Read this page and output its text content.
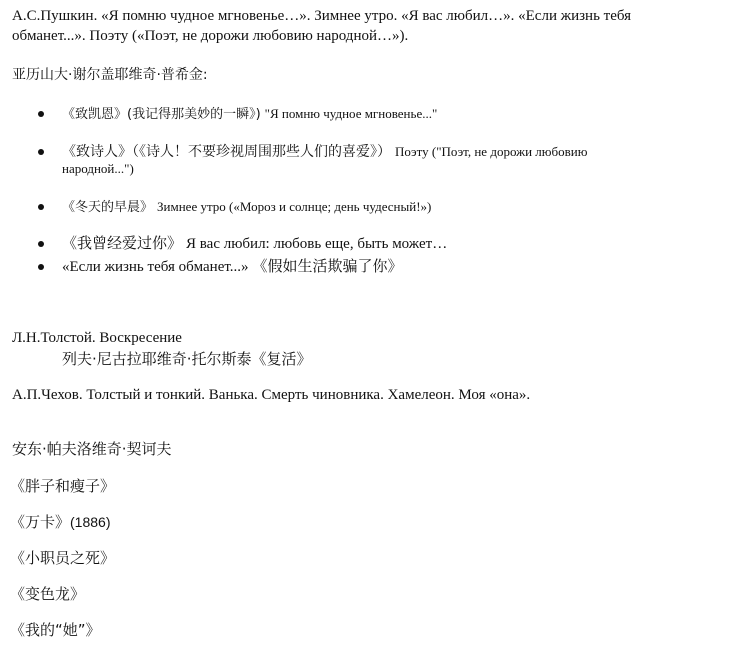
А.С.Пушкин. «Я помню чудное мгновенье…». Зимнее утро. «Я вас любил…». «Если жизнь тебя
обманет...». Поэту («Поэт, не дорожи любовию народной…»).
亚历山大·谢尔盖耶维奇·普希金:
《致凯恩》(我记得那美妙的一瞬》) "Я помню чудное мгновенье..."
《致诗人》（《诗人！不要珍视周围那些人们的喜爱》） Поэту ("Поэт, не дорожи любовию
народной...")
《冬天的早晨》 Зимнее утро («Мороз и солнце; день чудесный!»)
《我曾经爱过你》 Я вас любил: любовь еще, быть может…
«Если жизнь тебя обманет...» 《假如生活欺骗了你》
Л.Н.Толстой. Воскресение
列夫·尼古拉耶维奇·托尔斯泰《复活》
А.П.Чехов. Толстый и тонкий. Ванька. Смерть чиновника. Хамелеон. Моя «она».
安东·帕夫洛维奇·契诃夫
《胖子和瘦子》
《万卡》(1886)
《小职员之死》
《变色龙》
《我的“她”》
